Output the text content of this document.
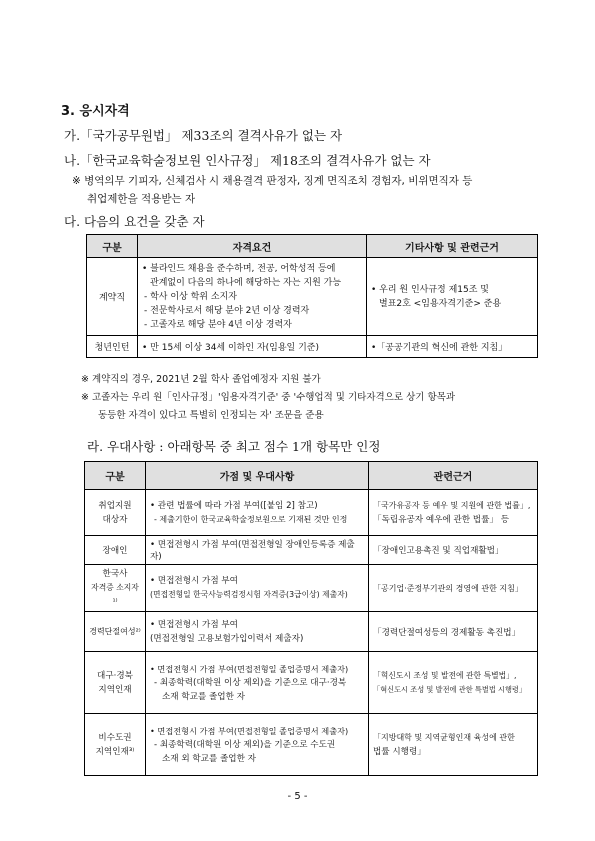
3. 응시자격
가.「국가공무원법」 제33조의 결격사유가 없는 자
나.「한국교육학술정보원 인사규정」 제18조의 결격사유가 없는 자
※ 병역의무 기피자, 신체검사 시 채용결격 판정자, 징계 면직조치 경험자, 비위면직자 등
취업제한을 적용받는 자
다. 다음의 요건을 갖춘 자
구분	자격요건	기타사항 및 관련근거
계약직	• 블라인드 채용을 준수하며, 전공, 어학성적 등에
관계없이 다음의 하나에 해당하는 자는 지원 가능
- 학사 이상 학위 소지자
- 전문학사로서 해당 분야 2년 이상 경력자
- 고졸자로 해당 분야 4년 이상 경력자	• 우리 원 인사규정 제15조 및
별표2호 <임용자격기준> 준용

청년인턴	• 만 15세 이상 34세 이하인 자(임용일 기준)	•「공공기관의 혁신에 관한 지침」
※ 계약직의 경우, 2021년 2월 학사 졸업예정자 지원 불가
※ 고졸자는 우리 원「인사규정」'임용자격기준' 중 '수행업적 및 기타자격으로 상기 항목과
동등한 자격이 있다고 특별히 인정되는 자' 조문을 준용
라. 우대사항 : 아래항목 중 최고 점수 1개 항목만 인정
구분	가점 및 우대사항	관련근거

취업지원
대상자	• 관련 법률에 따라 가점 부여([붙임 2] 참고)
- 제출기한이 한국교육학술정보원으로 기재된 것만 인정	「국가유공자 등 예우 및 지원에 관한 법률」,
「독립유공자 예우에 관한 법률」 등

장애인	• 면접전형시 가점 부여(면접전형일 장애인등록증 제출자)	「장애인고용촉진 및 직업재활법」

한국사
자격증 소지자¹⁾	• 면접전형시 가점 부여
(면접전형일 한국사능력검정시험 자격증(3급이상) 제출자)	「공기업·준정부기관의 경영에 관한 지침」
경력단절여성²⁾	• 면접전형시 가점 부여
(면접전형일 고용보험가입이력서 제출자)	「경력단절여성등의 경제활동 촉진법」

대구·경북
지역인재	• 면접전형시 가점 부여(면접전형일 졸업증명서 제출자)
- 최종학력(대학원 이상 제외)을 기준으로 대구·경북
소재 학교를 졸업한 자	「혁신도시 조성 및 발전에 관한 특별법」,
「혁신도시 조성 및 발전에 관한 특별법 시행령」

비수도권
지역인재³⁾	• 면접전형시 가점 부여(면접전형일 졸업증명서 제출자)
- 최종학력(대학원 이상 제외)을 기준으로 수도권
소재 외 학교를 졸업한 자	「지방대학 및 지역균형인재 육성에 관한
법률 시행령」
- 5 -
